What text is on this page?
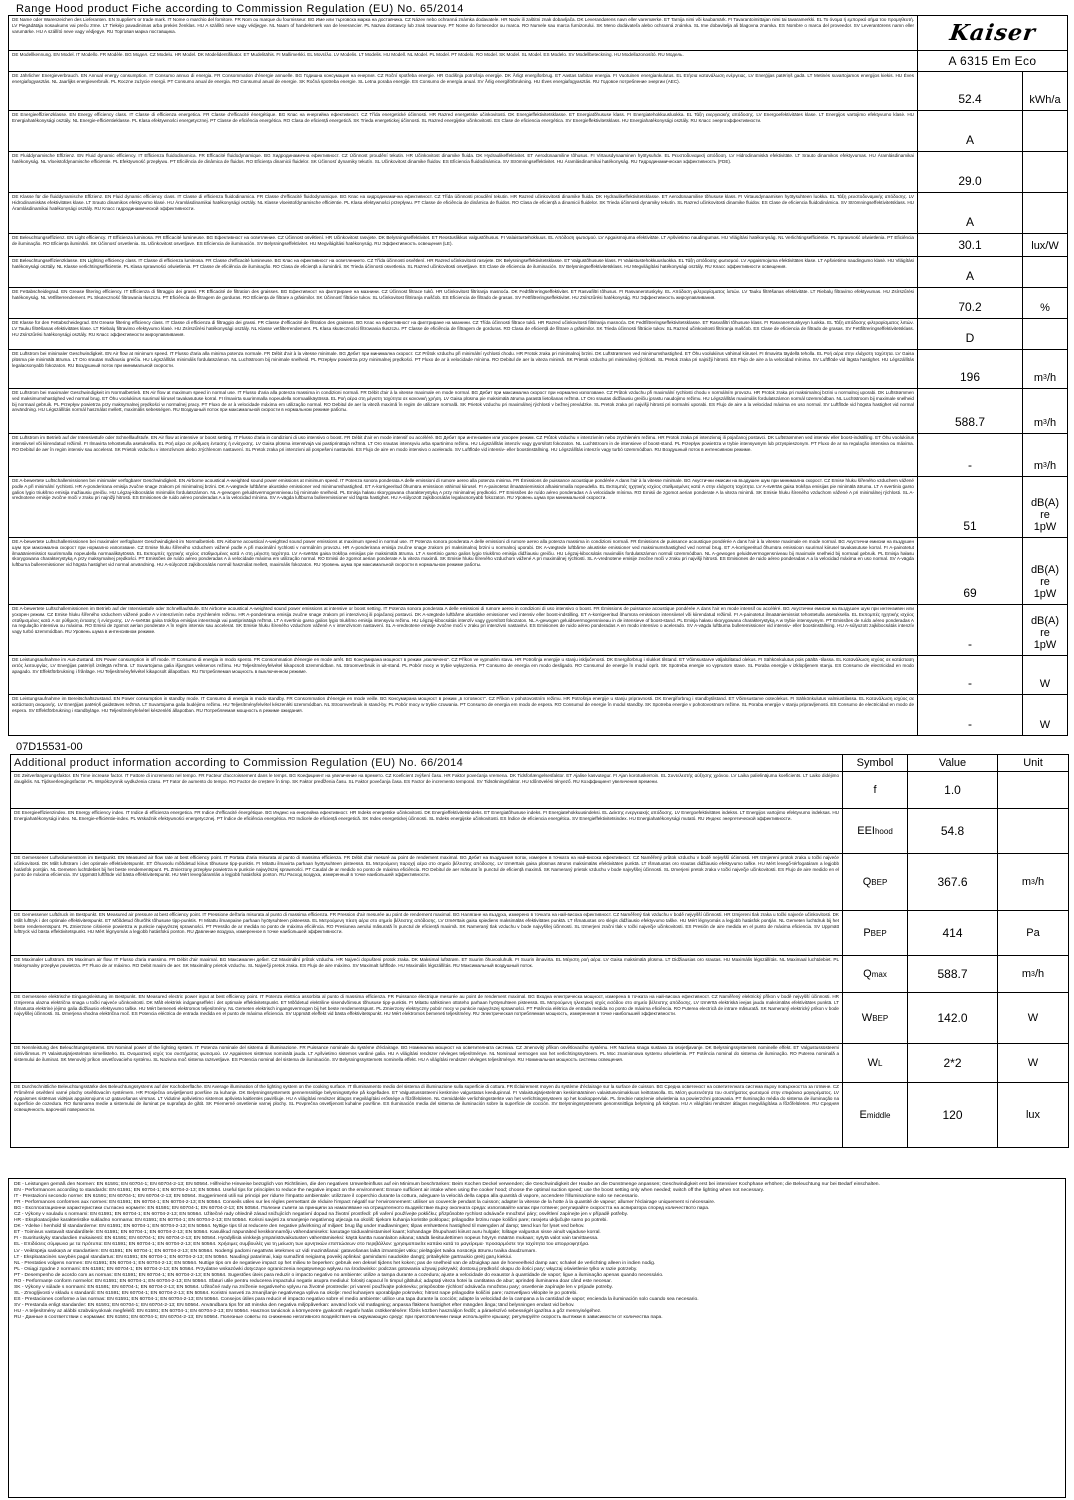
Range Hood product Fiche according to Commission Regulation (EU) No. 65/2014
DE Name oder Warenzeichen des Lieferanten. EN Supplier's or trade mark. IT Nome o marchio del fornitore. FR Nom ou marque du fournisseur. BG Име или търговска марка на доставчика. CZ Název nebo ochranná známka dodavatele. HR Naziv ili zaštitni znak dobavljača. DK Leverandørens navn eller varemærke. ET Tarnija nimi või kaubamärk. FI Tavarantoimittajan nimi tai tavaramerkki. EL Το όνομα ή εμπορικό σήμα του προμηθευτή. LV Piegādātāja nosaukums vai preču zīme. LT Tiekėjo pavadinimas arba prekės ženklas. HU A szállító neve vagy védjegye. NL Naam of handelsmerk van de leverancier. PL Nazwa dostawcy lub znak towarowy. PT Nome do fornecedor ou marca. RO Numele sau marca furnizorului. SK Meno dodávateľa alebo ochranná známka. SL Ime dobavitelja ali blagovna znamka. ES Nombre o marca del proveedor. SV Leverantörens namn eller varumärke. HU A szállító neve vagy védjegye. RU Торговая марка поставщика.	Kaiser
DE Modellkennung. EN Model. IT Modello. FR Modèle. BG Модел. CZ Modelu. HR Model. DK Modelidentifikator. ET Mudelitähis. FI Mallimerkki. EL Μοντέλο. LV Modelis. LT Modelis. HU Modell. NL Model. PL Model. PT Modelo. RO Model. SK Model. SL Model. ES Modelo. SV Modellbeteckning. HU Modellazonosító. RU Модель.	A 6315 Em Eco
DE Jährlicher Energieverbrauch. EN Annual energy consumption. IT Consumo annuo di energia. FR Consommation d'énergie annuelle. BG Годишна консумация на енергия. CZ Roční spotřeba energie. HR Godišnja potrošnja energije. DK Årligt energiforbrug. ET Aastas tarbitav energia. FI Vuotuinen energiankulutus. EL Ετήσια κατανάλωση ενέργειας. LV Enerģijas patēriņš gadā. LT Metinės suvartojamos energijos kiekis. HU Éves energiafogyasztás. NL Jaarlijks energieverbruik. PL Roczne zużycie energii. PT Consumo anual de energia. RO Consumul anual de energie. SK Ročná spotreba energie. SL Letna poraba energije. ES Consumo de energía anual. SV Årlig energiförbrukning. HU Éves energiafogyasztás. RU Годовое потребление энергии (AEC).
52.4	kWh/a
DE Energieeffizienzklasse. EN Energy efficiency class. IT Classe di efficienza energetica. FR Classe d'efficacité énergétique. BG Клас на енергийна ефективност. CZ Třída energetické účinnosti. HR Razred energetske učinkovitosti. DK Energieffektivitetsklasse. ET Energiatõhususe klass. FI Energiatehokkuusluokka. EL Τάξη ενεργειακής απόδοσης. LV Energoefektivitātes klase. LT Energijos vartojimo efektyvumo klasė. HU Energiahatékonysági osztály. NL Energie-efficiëntieklasse. PL Klasa efektywności energetycznej. PT Classe de eficiência energética. RO Clasa de eficiență energetică. SK Trieda energetickej účinnosti. SL Razred energijske učinkovitosti. ES Clase de eficiencia energética. SV Energieffektivitetsklass. HU Energiahatékonysági osztály. RU Класс энергоэффективности.
A
DE Fluiddynamische Effizienz. EN Fluid dynamic efficiency. IT Efficienza fluidodinamica. FR Efficacité fluidodynamique. BG Хидродинамична ефективност. CZ Účinnost proudění tekutin. HR Učinkovitost dinamike fluida. DK Hydraulikeffektivitet. ET Aerodünaamiline tõhusus. FI Virtausdynaaminen hyötysuhde. EL Ρευστοδυναμική απόδοση. LV Hidrodinamiskā efektivitāte. LT Srauto dinamikos efektyvumas. HU Áramlásdinamikai hatékonyság. NL Vloeistofdynamische efficiëntie. PL Efektywność przepływu. PT Eficiência de dinâmica de fluidos. RO Eficiența dinamicii fluidelor. SK Účinnosť dynamiky tekutín. SL Učinkovitost dinamike fluidov. ES Eficiencia fluidodinámica. SV Strömningseffektivitet. HU Áramlásdinamikai hatékonyság. RU Гидродинамическая эффективность (FDE).
29.0
DE Klasse für die fluiddynamische Effizienz. EN Fluid dynamic efficiency class. IT Classe di efficienza fluidodinamica. FR Classe d'efficacité fluidodynamique. BG Клас на хидродинамична ефективност. CZ Třída účinnosti proudění tekutin. HR Razred učinkovitosti dinamike fluida. DK Hydraulikeffektivitetsklasse. ET Aerodünaamilise tõhususe klass. FI Virtausdynaamisen hyötysuhteen luokka. EL Τάξη ρευστοδυναμικής απόδοσης. LV Hidrodinamiskās efektivitātes klase. LT Srauto dinamikos efektyvumo klasė. HU Áramlásdinamikai hatékonysági osztály. NL Klasse vloeistofdynamische efficiëntie. PL Klasa efektywności przepływu. PT Classe de eficiência de dinâmica de fluidos. RO Clasa de eficiență a dinamicii fluidelor. SK Trieda účinnosti dynamiky tekutín. SL Razred učinkovitosti dinamike fluidov. ES Clase de eficiencia fluidodinámica. SV Strömningseffektivitetsklass. HU Áramlásdinamikai hatékonysági osztály. RU Класс гидродинамической эффективности.
A
DE Beleuchtungseffizienz. EN Light efficiency. IT Efficienza luminosa. FR Efficacité lumineuse. BG Ефективност на осветление. CZ Účinnost osvětlení. HR Učinkovitost rasvjete. DK Belysningseffektivitet. ET Reostuslikkus valgustõhusus. FI Valaistustehokkuus. EL Απόδοση φωτισμού. LV Apgaismojuma efektivitāte. LT Apšvietimo naudingumas. HU Világítási hatékonyság. NL Verlichtingsefficiëntie. PL Sprawność oświetlenia. PT Eficiência de iluminação. RO Eficiența iluminării. SK Účinnosť osvetlenia. SL Učinkovitost osvetljave. ES Eficiencia de iluminación. SV Belysningseffektivitet. HU Megvilágítási hatékonyság. RU Эффективность освещения (LE).	30.1	lux/W
DE Beleuchtungseffizienzklasse. EN Lighting efficiency class. IT Classe di efficienza luminosa. FR Classe d'efficacité lumineuse. BG Клас на ефективност на осветлението. CZ Třída účinnosti osvětlení. HR Razred učinkovitosti rasvjete. DK Belysningseffektivitetsklasse. ET Valgustõhususe klass. FI Valaistustehokkuusluokka. EL Τάξη απόδοσης φωτισμού. LV Apgaismojuma efektivitātes klase. LT Apšvietimo naudingumo klasė. HU Világítási hatékonysági osztály. NL Klasse verlichtingsefficiëntie. PL Klasa sprawności oświetlenia. PT Classe de eficiência de iluminação. RO Clasa de eficiență a iluminării. SK Trieda účinnosti osvetlenia. SL Razred učinkovitosti osvetljave. ES Clase de eficiencia de iluminación. SV Belysningseffektivitetsklass. HU Megvilágítási hatékonysági osztály. RU Класс эффективности освещения.
A
DE Fettabscheidegrad. EN Grease filtering efficiency. IT Efficienza di filtraggio dei grassi. FR Efficacité de filtration des graisses. BG Ефективност на филтриране на мазнини. CZ Účinnost filtrace tuků. HR Učinkovitost filtriranja masnoća. DK Fedtfiltreringseffektivitet. ET Rasvafiltri tõhusus. FI Rasvanerotuskyky. EL Απόδοση φιλτραρίσματος λιπών. LV Tauku filtrēšanas efektivitāte. LT Riebalų filtravimo efektyvumas. HU Zsírszűrési hatékonyság. NL Vetfilterrendement. PL Skuteczność filtrowania tłuszczu. PT Eficiência de filtragem de gorduras. RO Eficiența de filtrare a grăsimilor. SK Účinnosť filtrácie tukov. SL Učinkovitost filtriranja maščob. ES Eficiencia de filtrado de grasas. SV Fettfiltreringseffektivitet. HU Zsírszűrési hatékonyság. RU Эффективность жироулавливания.
70.2	%
DE Klasse für den Fettabscheidegrad. EN Grease filtering efficiency class. IT Classe di efficienza di filtraggio dei grassi. FR Classe d'efficacité de filtration des graisses. BG Клас на ефективност на филтриране на мазнини. CZ Třída účinnosti filtrace tuků. HR Razred učinkovitosti filtriranja masnoća. DK Fedtfiltreringseffektivitetsklasse. ET Rasvafiltri tõhususe klass. FI Rasvanerotuskyvyn luokka. EL Τάξη απόδοσης φιλτραρίσματος λιπών. LV Tauku filtrēšanas efektivitātes klase. LT Riebalų filtravimo efektyvumo klasė. HU Zsírszűrési hatékonysági osztály. NL Klasse vetfilterrendement. PL Klasa skuteczności filtrowania tłuszczu. PT Classe de eficiência de filtragem de gorduras. RO Clasa de eficiență de filtrare a grăsimilor. SK Trieda účinnosti filtrácie tukov. SL Razred učinkovitosti filtriranja maščob. ES Clase de eficiencia de filtrado de grasas. SV Fettfiltreringseffektivitetsklass. HU Zsírszűrési hatékonysági osztály. RU Класс эффективности жироулавливания.	D
DE Luftstrom bei minimaler Geschwindigkeit. EN Air flow at minimum speed. IT Flusso d'aria alla minima potenza normale. FR Débit d'air à la vitesse minimale. BG Дебит при минимална скорост. CZ Průtok vzduchu při minimální rychlosti chodu. HR Protok zraka pri minimalnoj brzini. DK Luftstrømmen ved minimumshastighed. ET Õhu voolukiirus vähimal kiirusel. FI Ilmavirta täydellä teholla. EL Ροή αέρα στην ελάχιστη ταχύτητα. LV Gaisa plūsma pie minimālā ātruma. LT Oro srautas mažiausiu greičiu. HU Légszállítás minimális fordulatszámon. NL Luchtstroom bij minimale snelheid. PL Przepływ powietrza przy minimalnej prędkości. PT Fluxo de ar à velocidade mínima. RO Debitul de aer la viteza minimă. SK Prietok vzduchu pri minimálnej rýchlosti. SL Pretok zraka pri najnižji hitrosti. ES Flujo de aire a la velocidad mínima. SV Luftflöde vid lägsta hastighet. HU Légszállítás legalacsonyabb fokozaton. RU Воздушный поток при минимальной скорости.
196	m 3 /h
DE Luftstrom bei maximaler Geschwindigkeit im Normalbetrieb. EN Air flow at maximum speed in normal use. IT Flusso d'aria alla potenza massima in condizioni normali. FR Débit d'air à la vitesse maximale en mode normal. BG Дебит при максимална скорост при нормално използване. CZ Průtok vzduchu při maximální rychlosti chodu v normálním provozu. HR Protok zraka pri maksimalnoj brzini u normalnoj uporabi. DK Luftstrømmen ved maksimumshastighed ved normal brug. ET Õhu voolukiirus suurimal kiirusel tavakasutuse korral. FI Ilmavirta suurimmalla nopeudella normaalikäytössä. EL Ροή αέρα στη μέγιστη ταχύτητα σε κανονική χρήση. LV Gaisa plūsma pie maksimālā ātruma parastā lietošanas režīmā. LT Oro srautas didžiausiu greičiu įprastu naudojimo režimu. HU Légszállítás maximális fordulatszámon normál üzemmódban. NL Luchtstroom bij maximale snelheid bij normaal gebruik. PL Przepływ powietrza przy maksymalnej prędkości w normalnej pracy. PT Fluxo de ar à velocidade máxima em utilização normal. RO Debitul de aer la viteză maximă în regim de utilizare normală. SK Prietok vzduchu pri maximálnej rýchlosti v bežnej prevádzke. SL Pretok zraka pri najvišji hitrosti pri normalni uporabi. ES Flujo de aire a la velocidad máxima en uso normal. SV Luftflöde vid högsta hastighet vid normal användning. HU Légszállítás normál használat mellett, maximális sebességen. RU Воздушный поток при максимальной скорости в нормальном режиме работы.
588.7	m 3 /h
DE Luftstrom im Betrieb auf der Intensivstufe oder Schnelllaufstufe. EN Air flow at intensive or boost setting. IT Flusso d'aria in condizioni di uso intensivo o boost. FR Débit d'air en mode intensif ou accéléré. BG Дебит при интензивен или ускорен режим. CZ Průtok vzduchu v intenzivním nebo zrychleném režimu. HR Protok zraka pri intenzivnoj ili pojačanoj postavci. DK Luftstrømmen ved intensiv eller boost-indstilling. ET Õhu voolukiirus intensiivsel või kiirendatud režiimil. FI Ilmavirta tehostetulla asetuksella. EL Ροή αέρα σε ρύθμιση έντασης ή ενίσχυσης. LV Gaisa plūsma intensīvajā vai pastiprinātajā režīmā. LT Oro srautas intensyviu arba spartinimo režimu. HU Légszállítás intenzív vagy gyorsított fokozaton. NL Luchtstroom in de intensieve of boost-stand. PL Przepływ powietrza w trybie intensywnym lub przyspieszonym. PT Fluxo de ar na regulação intensiva ou máxima. RO Debitul de aer în regim intensiv sau accelerat. SK Prietok vzduchu v intenzívnom alebo zrýchlenom nastavení. SL Pretok zraka pri intenzivni ali pospešeni nastavitvi. ES Flujo de aire en modo intensivo o acelerado. SV Luftflöde vid intensiv- eller boostinställning. HU Légszállítás intenzív vagy turbó üzemmódban. RU Воздушный поток в интенсивном режиме.
-	m 3 /h
DE A-bewertete Luftschallemissionen bei minimaler verfügbarer Geschwindigkeit. EN Airborne acoustical A-weighted sound power emissions at minimum speed. IT Potenza sonora ponderata A delle emissioni di rumore aereo alla potenza minima. FR Émissions de puissance acoustique pondérée A dans l'air à la vitesse minimale. BG Акустични емисии на въздушен шум при минимална скорост. CZ Emise hluku šířeného vzduchem vážené podle A při minimální rychlosti. HR A-ponderirana emisija zvučne snage zrakom pri minimalnoj brzini. DK A-vægtede luftbårne akustiske emissioner ved minimumshastighed. ET A-korrigeeritud õhumüra emissioon vähimal kiirusel. FI A-painotetut ilmaääniemissiot alhaisimmalla nopeudella. EL Εκπομπές ηχητικής ισχύος σταθμισμένες κατά A στην ελάχιστη ταχύτητα. LV A-svērtās gaisa trokšņa emisijas pie minimālā ātruma. LT A svertinio garso galios lygio triukšmo emisija mažiausiu greičiu. HU Légzaj-kibocsátás minimális fordulatszámon. NL A-gewogen geluidsvermogensniveau bij minimale snelheid. PL Emisja hałasu skorygowana charakterystyką A przy minimalnej prędkości. PT Emissões de ruído aéreo ponderadas A à velocidade mínima. RO Emisii de zgomot aerian ponderate A la viteza minimă. SK Emisie hluku šíreného vzduchom vážené A pri minimálnej rýchlosti. SL A-vrednotene emisije zvočne moči v zraku pri najnižji hitrosti. ES Emisiones de ruido aéreo ponderadas A a la velocidad mínima. SV A-vägda luftburna bulleremissioner vid lägsta hastighet. HU A-súlyozott zajkibocsátás legalacsonyabb fokozaton. RU Уровень шума при минимальной скорости.
51
dB(A)
re
1pW
DE A-bewertete Luftschallemissionen bei maximaler verfügbarer Geschwindigkeit im Normalbetrieb. EN Airborne acoustical A-weighted sound power emissions at maximum speed in normal use. IT Potenza sonora ponderata A delle emissioni di rumore aereo alla potenza massima in condizioni normali. FR Émissions de puissance acoustique pondérée A dans l'air à la vitesse maximale en mode normal. BG Акустични емисии на въздушен шум при максимална скорост при нормално използване. CZ Emise hluku šířeného vzduchem vážené podle A při maximální rychlosti v normálním provozu. HR A-ponderirana emisija zvučne snage zrakom pri maksimalnoj brzini u normalnoj uporabi. DK A-vægtede luftbårne akustiske emissioner ved maksimumshastighed ved normal brug. ET A-korrigeeritud õhumüra emissioon suurimal kiirusel tavakasutuse korral. FI A-painotetut ilmaääniemissiot suurimmalla nopeudella normaalikäytössä. EL Εκπομπές ηχητικής ισχύος σταθμισμένες κατά A στη μέγιστη ταχύτητα. LV A-svērtās gaisa trokšņa emisijas pie maksimālā ātruma. LT A svertinio garso galios lygio triukšmo emisija didžiausiu greičiu. HU Légzaj-kibocsátás maximális fordulatszámon normál üzemmódban. NL A-gewogen geluidsvermogensniveau bij maximale snelheid bij normaal gebruik. PL Emisja hałasu skorygowana charakterystyką A przy maksymalnej prędkości. PT Emissões de ruído aéreo ponderadas A à velocidade máxima em utilização normal. RO Emisii de zgomot aerian ponderate A la viteza maximă. SK Emisie hluku šíreného vzduchom vážené A pri maximálnej rýchlosti. SL A-vrednotene emisije zvočne moči v zraku pri najvišji hitrosti. ES Emisiones de ruido aéreo ponderadas A a la velocidad máxima en uso normal. SV A-vägda luftburna bulleremissioner vid högsta hastighet vid normal användning. HU A-súlyozott zajkibocsátás normál használat mellett, maximális fokozaton. RU Уровень шума при максимальной скорости в нормальном режиме работы.
69
dB(A)
re
1pW
DE A-bewertete Luftschallemissionen im Betrieb auf der Intensivstufe oder Schnelllaufstufe. EN Airborne acoustical A-weighted sound power emissions at intensive or boost setting. IT Potenza sonora ponderata A delle emissioni di rumore aereo in condizioni di uso intensivo o boost. FR Émissions de puissance acoustique pondérée A dans l'air en mode intensif ou accéléré. BG Акустични емисии на въздушен шум при интензивен или ускорен режим. CZ Emise hluku šířeného vzduchem vážené podle A v intenzivním nebo zrychleném režimu. HR A-ponderirana emisija zvučne snage zrakom pri intenzivnoj ili pojačanoj postavci. DK A-vægtede luftbårne akustiske emissioner ved intensiv eller boost-indstilling. ET A-korrigeeritud õhumüra emissioon intensiivsel või kiirendatud režiimil. FI A-painotetut ilmaääniemissiot tehostetulla asetuksella. EL Εκπομπές ηχητικής ισχύος σταθμισμένες κατά A σε ρύθμιση έντασης ή ενίσχυσης. LV A-svērtās gaisa trokšņa emisijas intensīvajā vai pastiprinātajā režīmā. LT A svertinio garso galios lygio triukšmo emisija intensyviu režimu. HU Légzaj-kibocsátás intenzív vagy gyorsított fokozaton. NL A-gewogen geluidsvermogensniveau in de intensieve of boost-stand. PL Emisja hałasu skorygowana charakterystyką A w trybie intensywnym. PT Emissões de ruído aéreo ponderadas A na regulação intensiva ou máxima. RO Emisii de zgomot aerian ponderate A în regim intensiv sau accelerat. SK Emisie hluku šíreného vzduchom vážené A v intenzívnom nastavení. SL A-vrednotene emisije zvočne moči v zraku pri intenzivni nastavitvi. ES Emisiones de ruido aéreo ponderadas A en modo intensivo o acelerado. SV A-vägda luftburna bulleremissioner vid intensiv- eller boostinställning. HU A-súlyozott zajkibocsátás intenzív vagy turbó üzemmódban. RU Уровень шума в интенсивном режиме.
-
dB(A)
re
1pW
DE Leistungsaufnahme im Aus-Zustand. EN Power consumption in off mode. IT Consumo di energia in modo spento. FR Consommation d'énergie en mode arrêt. BG Консумирана мощност в режим „изключено“. CZ Příkon ve vypnutém stavu. HR Potrošnja energije u stanju isključenosti. DK Energiforbrug i slukket tilstand. ET Võimsustarve väljalülitatud olekus. FI Sähkönkulutus pois päältä -tilassa. EL Κατανάλωση ισχύος σε κατάσταση εκτός λειτουργίας. LV Enerģijas patēriņš izslēgtā režīmā. LT Suvartojama galia išjungtos veiksenos režimu. HU Teljesítményfelvétel kikapcsolt üzemmódban. NL Stroomverbruik in uit-stand. PL Pobór mocy w trybie wyłączenia. PT Consumo de energia em modo desligado. RO Consumul de energie în modul oprit. SK Spotreba energie vo vypnutom stave. SL Poraba energije v izklopljenem stanju. ES Consumo de electricidad en modo apagado. SV Effektförbrukning i frånläge. HU Teljesítményfelvétel kikapcsolt állapotban. RU Потребляемая мощность в выключенном режиме.
-	W
DE Leistungsaufnahme im Bereitschaftszustand. EN Power consumption in standby mode. IT Consumo di energia in modo standby. FR Consommation d'énergie en mode veille. BG Консумирана мощност в режим „в готовност“. CZ Příkon v pohotovostním režimu. HR Potrošnja energije u stanju pripravnosti. DK Energiforbrug i standbytilstand. ET Võimsustarve ooteolekus. FI Sähkönkulutus valmiustilassa. EL Κατανάλωση ισχύος σε κατάσταση αναμονής. LV Enerģijas patēriņš gaidstāves režīmā. LT Suvartojama galia budėjimo režimu. HU Teljesítményfelvétel készenléti üzemmódban. NL Stroomverbruik in stand-by. PL Pobór mocy w trybie czuwania. PT Consumo de energia em modo de espera. RO Consumul de energie în modul standby. SK Spotreba energie v pohotovostnom režime. SL Poraba energije v stanju pripravljenosti. ES Consumo de electricidad en modo de espera. SV Effektförbrukning i standbyläge. HU Teljesítményfelvétel készenléti állapotban. RU Потребляемая мощность в режиме ожидания.
-	W
07D15531-00
Additional product information according to Commission Regulation (EU) No. 66/2014	Symbol	Value	Unit
DE Zeitverlängerungsfaktor. EN Time increase factor. IT Fattore di incremento nel tempo. FR Facteur d'accroissement dans le temps. BG Коефициент на увеличение на времето. CZ Koeficient zvýšení času. HR Faktor povećanja vremena. DK Tidsforlængelsesfaktor. ET Ajalise kasvutegur. FI Ajan korotuskerroin. EL Συντελεστής αύξησης χρόνου. LV Laika palielinājuma koeficients. LT Laiko didėjimo daugiklis. NL Tijdsverlengingsfactor. PL Współczynnik wydłużenia czasu. PT Fator de aumento do tempo. RO Factor de creștere în timp. SK Faktor predĺženia času. SL Faktor povečanja časa. ES Factor de incremento temporal. SV Tidsökningsfaktor. HU Időnövelési tényező. RU Коэффициент увеличения времени.
f	1.0
DE Energieeffizienzindex. EN Energy efficiency index. IT Indice di efficienza energetica. FR Indice d'efficacité énergétique. BG Индекс на енергийна ефективност. HR Indeks energetske učinkovitosti. DK Energieffektivitetsindeks. ET Energiatõhususe indeks. FI Energiatehokkuusindeksi. EL Δείκτης ενεργειακής απόδοσης. LV Energoefektivitātes indekss. LT Energijos vartojimo efektyvumo indeksas. HU Energiahatékonysági index. NL Energie-efficiëntie-index. PL Wskaźnik efektywności energetycznej. PT Índice de eficiência energética. RO Indicele de eficiență energetică. SK Index energetickej účinnosti. SL Indeks energijske učinkovitosti. ES Índice de eficiencia energética. SV Energieffektivitetsindex. HU Energiahatékonysági mutató. RU Индекс энергетической эффективности.
EEI hood	54.8
DE Gemessener Luftvolumenstrom im Bestpunkt. EN Measured air flow rate at best efficiency point. IT Portata d'aria misurata al punto di massima efficienza. FR Débit d'air mesuré au point de rendement maximal. BG Дебит на въздушния поток, измерен в точката на най-висока ефективност. CZ Naměřený průtok vzduchu v bodě nejvyšší účinnosti. HR Izmjereni protok zraka u točki najveće učinkovitosti. DK Målt luftstrøm i det optimale effektivitetspunkt. ET Õhuvoolu mõõdetud kiirus tõhususe tipp-punktis. FI Mitattu ilmavirta parhaan hyötysuhteen pisteessä. EL Μετρούμενη παροχή αέρα στο σημείο βέλτιστης απόδοσης. LV Izmērītais gaisa plūsmas ātrums maksimālās efektivitātes punktā. LT Išmatuotas oro srautas didžiausio efektyvumo taške. HU Mért levegő-térfogatáram a legjobb hatásfok pontján. NL Gemeten luchtdebiet bij het beste rendementspunt. PL Zmierzony przepływ powietrza w punkcie najwyższej sprawności. PT Caudal de ar medido no ponto de máxima eficiência. RO Debitul de aer măsurat în punctul de eficiență maximă. SK Nameraný prietok vzduchu v bode najvyššej účinnosti. SL Izmerjeni pretok zraka v točki največje učinkovitosti. ES Flujo de aire medido en el punto de máxima eficiencia. SV Uppmätt luftflöde vid bästa effektivitetspunkt. HU Mért levegőáramlás a legjobb hatásfokú ponton. RU Расход воздуха, измеренный в точке наибольшей эффективности.
Q BEP	367.6	m 3 /h
DE Gemessener Luftdruck im Bestpunkt. EN Measured air pressure at best efficiency point. IT Pressione dell'aria misurata al punto di massima efficienza. FR Pression d'air mesurée au point de rendement maximal. BG Налягане на въздуха, измерено в точката на най-висока ефективност. CZ Naměřený tlak vzduchu v bodě nejvyšší účinnosti. HR Izmjereni tlak zraka u točki najveće učinkovitosti. DK Målt lufttryk i det optimale effektivitetspunkt. ET Mõõdetud õhurõhk tõhususe tipp-punktis. FI Mitattu ilmanpaine parhaan hyötysuhteen pisteessä. EL Μετρούμενη πίεση αέρα στο σημείο βέλτιστης απόδοσης. LV Izmērītais gaisa spiediens maksimālās efektivitātes punktā. LT Išmatuotas oro slėgis didžiausio efektyvumo taške. HU Mért légnyomás a legjobb hatásfok pontján. NL Gemeten luchtdruk bij het beste rendementspunt. PL Zmierzone ciśnienie powietrza w punkcie najwyższej sprawności. PT Pressão de ar medida no ponto de máxima eficiência. RO Presiunea aerului măsurată în punctul de eficiență maximă. SK Nameraný tlak vzduchu v bode najvyššej účinnosti. SL Izmerjeni zračni tlak v točki največje učinkovitosti. ES Presión de aire medida en el punto de máxima eficiencia. SV Uppmätt lufttryck vid bästa effektivitetspunkt. HU Mért légnyomás a legjobb hatásfokú ponton. RU Давление воздуха, измеренное в точке наибольшей эффективности.	P BEP	414	Pa
DE Maximaler Luftstrom. EN Maximum air flow. IT Flusso d'aria massimo. FR Débit d'air maximal. BG Максимален дебит. CZ Maximální průtok vzduchu. HR Najveći dopušteni protok zraka. DK Maksimal luftstrøm. ET Suurim õhuvooluhulk. FI Suurin ilmavirta. EL Μέγιστη ροή αέρα. LV Gaisa maksimālā plūsma. LT Didžiausias oro srautas. HU Maximális légszállítás. NL Maximaal luchtdebiet. PL Maksymalny przepływ powietrza. PT Fluxo de ar máximo. RO Debit maxim de aer. SK Maximálny prietok vzduchu. SL Največji pretok zraka. ES Flujo de aire máximo. SV Maximalt luftflöde. HU Maximális légszállítás. RU Максимальный воздушный поток.
Q max	588.7	m 3 /h
DE Gemessene elektrische Eingangsleistung im Bestpunkt. EN Measured electric power input at best efficiency point. IT Potenza elettrica assorbita al punto di massima efficienza. FR Puissance électrique mesurée au point de rendement maximal. BG Входна електрическа мощност, измерена в точката на най-висока ефективност. CZ Naměřený elektrický příkon v bodě nejvyšší účinnosti. HR Izmjerena ulazna električna snaga u točki najveće učinkovitosti. DK Målt elektrisk indgangseffekt i det optimale effektivitetspunkt. ET Mõõdetud elektriline sisendvõimsus tõhususe tipp-punktis. FI Mitattu sähköinen ottoteho parhaan hyötysuhteen pisteessä. EL Μετρούμενη ηλεκτρική ισχύς εισόδου στο σημείο βέλτιστης απόδοσης. LV Izmērītā elektriskā ieejas jauda maksimālās efektivitātes punktā. LT Išmatuota elektrinė įėjimo galia didžiausio efektyvumo taške. HU Mért bemeneti elektromos teljesítmény. NL Gemeten elektrisch ingangsvermogen bij het beste rendementspunt. PL Zmierzony elektryczny pobór mocy w punkcie najwyższej sprawności. PT Potência elétrica de entrada medida no ponto de máxima eficiência. RO Puterea electrică de intrare măsurată. SK Nameraný elektrický príkon v bode najvyššej účinnosti. SL Izmerjena vhodna električna moč. ES Potencia eléctrica de entrada medida en el punto de máxima eficiencia. SV Uppmätt eleffekt vid bästa effektivitetspunkt. HU Mért elektromos bemeneti teljesítmény. RU Электрическая потребляемая мощность, измеренная в точке наибольшей эффективности.	W BEP	142.0	W
DE Nennleistung des Beleuchtungssystems. EN Nominal power of the lighting system. IT Potenza nominale del sistema di illuminazione. FR Puissance nominale du système d'éclairage. BG Номинална мощност на осветителната система. CZ Jmenovitý příkon osvětlovacího systému. HR Nazivna snaga sustava za osvjetljavanje. DK Belysningssystemets nominelle effekt. ET Valgustussüsteemi nimivõimsus. FI Valaistusjärjestelmän nimellisteho. EL Ονομαστική ισχύς του συστήματος φωτισμού. LV Apgaismes sistēmas nominālā jauda. LT Apšvietimo sistemos vardinė galia. HU A világítási rendszer névleges teljesítménye. NL Nominaal vermogen van het verlichtingssysteem. PL Moc znamionowa systemu oświetlenia. PT Potência nominal do sistema de iluminação. RO Puterea nominală a sistemului de iluminat. SK Menovitý príkon osvetľovacieho systému. SL Nazivna moč sistema razsvetljave. ES Potencia nominal del sistema de iluminación. SV Belysningssystemets nominella effekt. HU A világítási rendszer névleges teljesítménye. RU Номинальная мощность системы освещения.	W L	2*2	W
DE Durchschnittliche Beleuchtungsstärke des Beleuchtungssystems auf der Kochoberfläche. EN Average illumination of the lighting system on the cooking surface. IT Illuminamento medio del sistema di illuminazione sulla superficie di cottura. FR Éclairement moyen du système d'éclairage sur la surface de cuisson. BG Средна осветеност на осветителната система върху повърхността за готвене. CZ Průměrné osvětlení varné plochy osvětlovacím systémem. HR Prosječna osvijetljenost površine za kuhanje. DK Belysningssystemets gennemsnitlige belysningsstyrke på kogefladen. ET Valgustussüsteemi keskmine valgustatus keedupinnal. FI Valaistusjärjestelmän keskimääräinen valaistusvoimakkuus keittotasolla. EL Μέση φωτεινότητα του συστήματος φωτισμού στην επιφάνεια μαγειρέματος. LV Apgaismes sistēmas vidējais apgaismojums uz gatavošanas virsmas. LT Vidutinė apšvietimo sistemos apšvieta kaitlentės paviršiuje. HU A világítási rendszer átlagos megvilágítási erőssége a főzőfelületen. NL Gemiddelde verlichtingssterkte van het verlichtingssysteem op het kookoppervlak. PL Średnie natężenie oświetlenia na powierzchni gotowania. PT Iluminação média do sistema de iluminação na superfície de cozedura. RO Iluminarea medie a sistemului de iluminat pe suprafața de gătit. SK Priemerné osvetlenie varnej plochy. SL Povprečna osvetljenost kuhalne površine. ES Iluminación media del sistema de iluminación sobre la superficie de cocción. SV Belysningssystemets genomsnittliga belysning på kokytan. HU A világítási rendszer átlagos megvilágítása a főzőfelületen. RU Средняя освещённость варочной поверхности.	E middle	120	lux

DE - Leistungen gemäß den Normen: EN 61591; EN 60704-1; EN 60704-2-13; EN 50564. Hilfreiche Hinweise bezüglich von Richtlinien, die den negativen Umwelteinfluss auf ein Minimum beschränken: Beim Kochen Deckel verwenden; die Geschwindigkeit der Haube an die Dunstmenge anpassen; Geschwindigkeit erst bei intensiver Kochphase erhöhen; die Beleuchtung nur bei Bedarf einschalten.

EN - Performances according to standards: EN 61591; EN 60704-1; EN 60704-2-13; EN 50564. Useful tips for principles to reduce the negative impact on the environment: Ensure sufficient air intake when using the cooker hood; choose the optimal suction speed; use the boost setting only when needed; switch off the lighting when not necessary.

IT - Prestazioni secondo norme: EN 61591; EN 60704-1; EN 60704-2-13; EN 50564. Suggerimenti utili sui principi per ridurre l'impatto ambientale: utilizzare il coperchio durante la cottura, adeguare la velocità della cappa alla quantità di vapore, accendere l'illuminazione solo se necessario.

FR - Performances conformes aux normes: EN 61591; EN 60704-1; EN 60704-2-13; EN 50564. Conseils utiles sur les règles permettant de réduire l'impact négatif sur l'environnement: utiliser un couvercle pendant la cuisson; adapter la vitesse de la hotte à la quantité de vapeur; allumer l'éclairage uniquement si nécessaire.

BG - Експлоатационни характеристики съгласно нормите: EN 61591; EN 60704-1; EN 60704-2-13; EN 50564. Полезни съвети за принципи за намаляване на отрицателното въздействие върху околната среда: използвайте капак при готвене; регулирайте скоростта на аспиратора според количеството пара.

CZ - Výkony v souladu s normami: EN 61591; EN 60704-1; EN 60704-2-13; EN 50564. Užitečné rady ohledně zásad snižujících negativní dopad na životní prostředí: při vaření používejte pokličku; přizpůsobte rychlost odsávače množství páry; osvětlení zapínejte jen v případě potřeby.

HR - Eksploatacijske karakteristike sukladno normama: EN 61591; EN 60704-1; EN 60704-2-13; EN 50564. Korisni savjeti za smanjenje negativnog utjecaja na okoliš: tijekom kuhanja koristite poklopac; prilagodite brzinu nape količini pare; rasvjetu uključujte samo po potrebi.

DK - Ydelse i henhold til standarderne: EN 61591; EN 60704-1; EN 60704-2-13; EN 50564. Nyttige tips til at reducere den negative påvirkning af miljøet: brug låg under madlavningen; tilpas emhættens hastighed til mængden af damp; tænd kun for lyset ved behov.

ET - Toimivus vastavalt standarditele: EN 61591; EN 60704-1; EN 60704-2-13; EN 50564. Kasulikud näpunäited keskkonnamõju vähendamiseks: kasutage toiduvalmistamisel kaant; kohandage õhupuhasti kiirust auru hulgale; lülitage valgustus sisse ainult vajaduse korral.

FI - Suorituskyky standardien mukaisesti: EN 61591; EN 60704-1; EN 60704-2-13; EN 50564. Hyödyllisiä vinkkejä ympäristövaikutusten vähentämiseksi: käytä kantta ruoanlaiton aikana; säädä liesituulettimen nopeus höyryn määrän mukaan; sytytä valot vain tarvittaessa.

EL - Επιδόσεις σύμφωνα με τα πρότυπα: EN 61591; EN 60704-1; EN 60704-2-13; EN 50564. Χρήσιμες συμβουλές για τη μείωση των αρνητικών επιπτώσεων στο περιβάλλον: χρησιμοποιείτε καπάκι κατά το μαγείρεμα· προσαρμόστε την ταχύτητα του απορροφητήρα.

LV - Veiktspēja saskaņā ar standartiem: EN 61591; EN 60704-1; EN 60704-2-13; EN 50564. Noderīgi padomi negatīvās ietekmes uz vidi mazināšanai: gatavošanas laikā izmantojiet vāku; pielāgojiet tvaika nosūcēja ātrumu tvaika daudzumam.

LT - Eksploatacinės savybės pagal standartus: EN 61591; EN 60704-1; EN 60704-2-13; EN 50564. Naudingi patarimai, kaip sumažinti neigiamą poveikį aplinkai: gamindami naudokite dangtį; pritaikykite gartraukio greitį garų kiekiui.

NL - Prestaties volgens normen: EN 61591; EN 60704-1; EN 60704-2-13; EN 50564. Nuttige tips om de negatieve impact op het milieu te beperken: gebruik een deksel tijdens het koken; pas de snelheid van de afzuigkap aan de hoeveelheid damp aan; schakel de verlichting alleen in indien nodig.

PL - Osiągi zgodne z normami: EN 61591; EN 60704-1; EN 60704-2-13; EN 50564. Przydatne wskazówki dotyczące ograniczenia negatywnego wpływu na środowisko: podczas gotowania używaj pokrywki; dostosuj prędkość okapu do ilości pary; włączaj oświetlenie tylko w razie potrzeby.

PT - Desempenho de acordo com as normas: EN 61591; EN 60704-1; EN 60704-2-13; EN 50564. Sugestões úteis para reduzir o impacto negativo no ambiente: utilize a tampa durante a cozedura; ajuste a velocidade do exaustor à quantidade de vapor; ligue a iluminação apenas quando necessário.

RO - Performanțe conform normelor: EN 61591; EN 60704-1; EN 60704-2-13; EN 50564. Sfaturi utile pentru reducerea impactului negativ asupra mediului: folosiți capacul în timpul gătitului; adaptați viteza hotei la cantitatea de abur; aprindeți iluminarea doar când este necesar.

SK - Výkony v súlade s normami: EN 61591; EN 60704-1; EN 60704-2-13; EN 50564. Užitočné rady na zníženie negatívneho vplyvu na životné prostredie: pri varení používajte pokrievku; prispôsobte rýchlosť odsávača množstvu pary; osvetlenie zapínajte len v prípade potreby.

SL - Zmogljivosti v skladu s standardi: EN 61591; EN 60704-1; EN 60704-2-13; EN 50564. Koristni nasveti za zmanjšanje negativnega vpliva na okolje: med kuhanjem uporabljajte pokrovko; hitrost nape prilagodite količini pare; razsvetljavo vklopite le po potrebi.

ES - Prestaciones conforme a las normas: EN 61591; EN 60704-1; EN 60704-2-13; EN 50564. Consejos útiles para reducir el impacto negativo sobre el medio ambiente: utilice una tapa durante la cocción; adapte la velocidad de la campana a la cantidad de vapor; encienda la iluminación solo cuando sea necesario.

SV - Prestanda enligt standarder: EN 61591; EN 60704-1; EN 60704-2-13; EN 50564. Användbara tips för att minska den negativa miljöpåverkan: använd lock vid matlagning; anpassa fläktens hastighet efter mängden ånga; tänd belysningen endast vid behov.

HU - A teljesítmény az alábbi szabványoknak megfelelő: EN 61591; EN 60704-1; EN 60704-2-13; EN 50564. Hasznos tanácsok a környezetre gyakorolt negatív hatás csökkentésére: főzés közben használjon fedőt; a páraelszívó sebességét igazítsa a gőz mennyiségéhez.

RU - Данные в соответствии с нормами: EN 61591; EN 60704-1; EN 60704-2-13; EN 50564. Полезные советы по снижению негативного воздействия на окружающую среду: при приготовлении пищи используйте крышку; регулируйте скорость вытяжки в зависимости от количества пара.
